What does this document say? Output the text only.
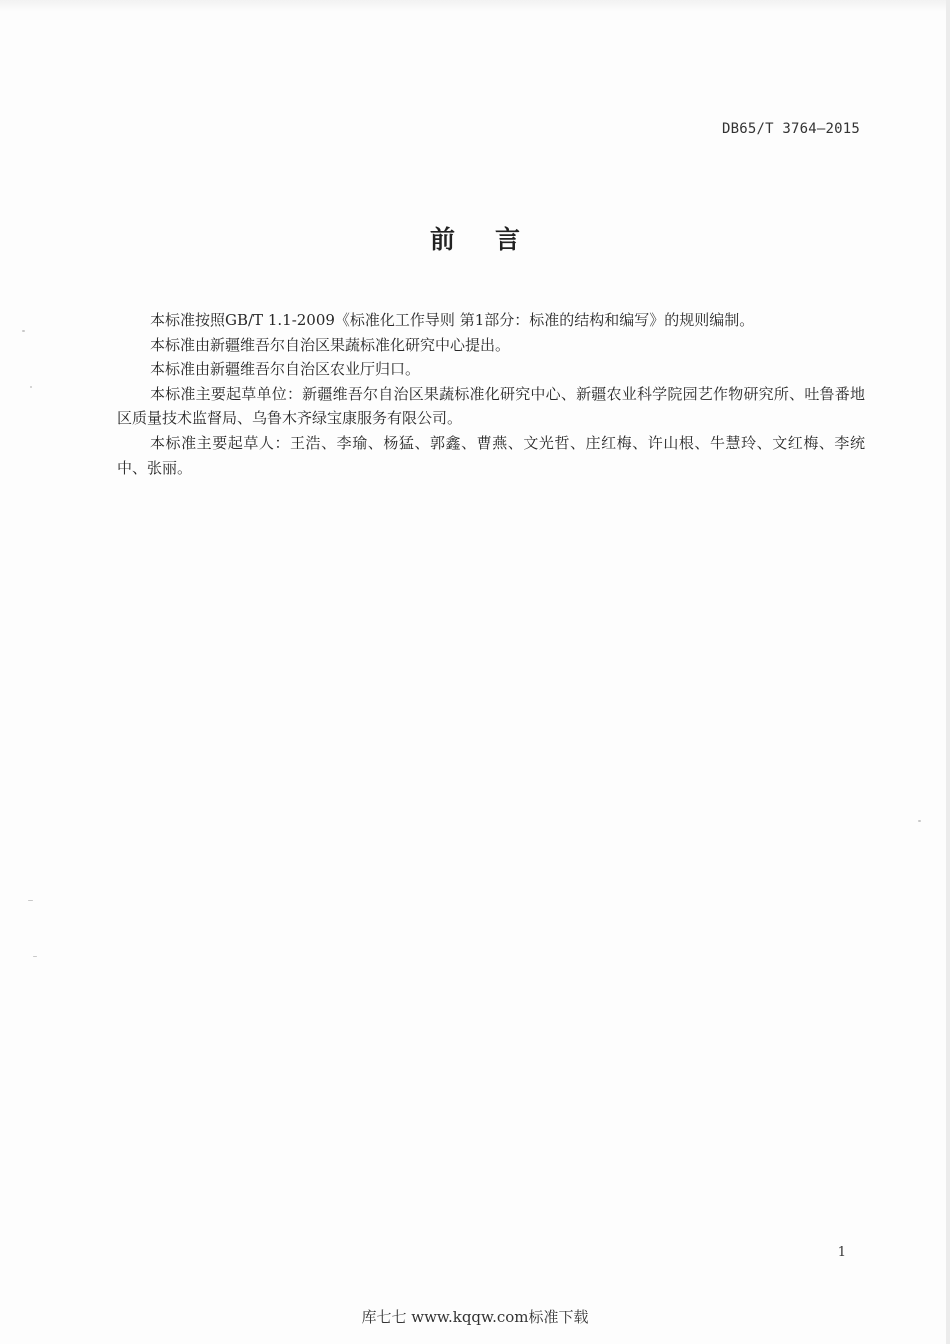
DB65/T 3764—2015
前言

本标准按照GB/T 1.1-2009《标准化工作导则 第1部分：标准的结构和编写》的规则编制。

本标准由新疆维吾尔自治区果蔬标准化研究中心提出。

本标准由新疆维吾尔自治区农业厅归口。

本标准主要起草单位：新疆维吾尔自治区果蔬标准化研究中心、新疆农业科学院园艺作物研究所、吐鲁番地区质量技术监督局、乌鲁木齐绿宝康服务有限公司。

本标准主要起草人：王浩、李瑜、杨猛、郭鑫、曹燕、文光哲、庄红梅、许山根、牛慧玲、文红梅、李统中、张丽。

1
库七七 www.kqqw.com标准下载
